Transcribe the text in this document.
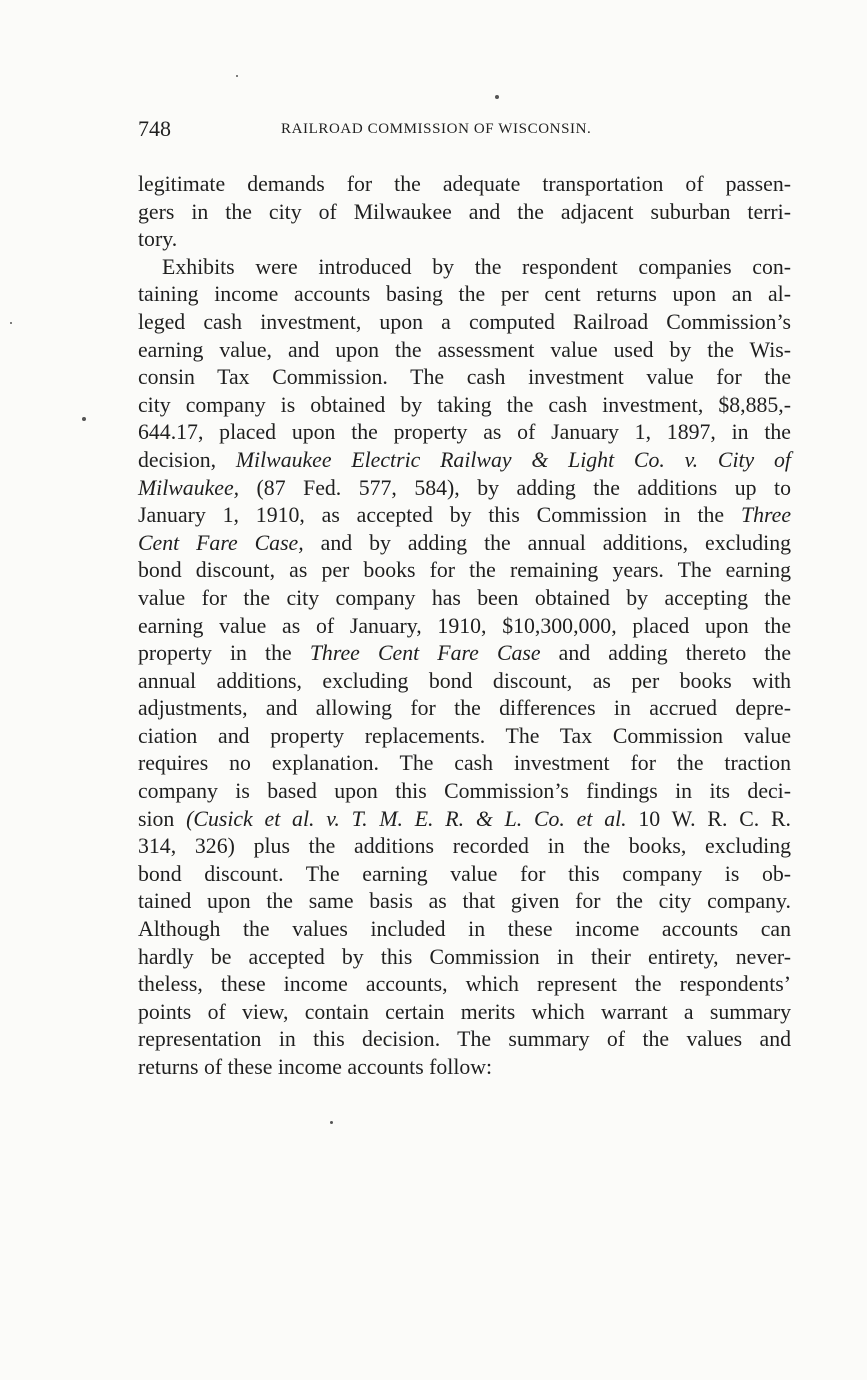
748	RAILROAD COMMISSION OF WISCONSIN.
legitimate demands for the adequate transportation of passen-
gers in the city of Milwaukee and the adjacent suburban terri-
tory.
Exhibits were introduced by the respondent companies con-
taining income accounts basing the per cent returns upon an al-
leged cash investment, upon a computed Railroad Commission’s
earning value, and upon the assessment value used by the Wis-
consin Tax Commission. The cash investment value for the
city company is obtained by taking the cash investment, $8,885,-
644.17, placed upon the property as of January 1, 1897, in the
decision, Milwaukee Electric Railway & Light Co. v. City of
Milwaukee, (87 Fed. 577, 584), by adding the additions up to
January 1, 1910, as accepted by this Commission in the Three
Cent Fare Case, and by adding the annual additions, excluding
bond discount, as per books for the remaining years. The earning
value for the city company has been obtained by accepting the
earning value as of January, 1910, $10,300,000, placed upon the
property in the Three Cent Fare Case and adding thereto the
annual additions, excluding bond discount, as per books with
adjustments, and allowing for the differences in accrued depre-
ciation and property replacements. The Tax Commission value
requires no explanation. The cash investment for the traction
company is based upon this Commission’s findings in its deci-
sion (Cusick et al. v. T. M. E. R. & L. Co. et al. 10 W. R. C. R.
314, 326) plus the additions recorded in the books, excluding
bond discount. The earning value for this company is ob-
tained upon the same basis as that given for the city company.
Although the values included in these income accounts can
hardly be accepted by this Commission in their entirety, never-
theless, these income accounts, which represent the respondents’
points of view, contain certain merits which warrant a summary
representation in this decision. The summary of the values and
returns of these income accounts follow:
